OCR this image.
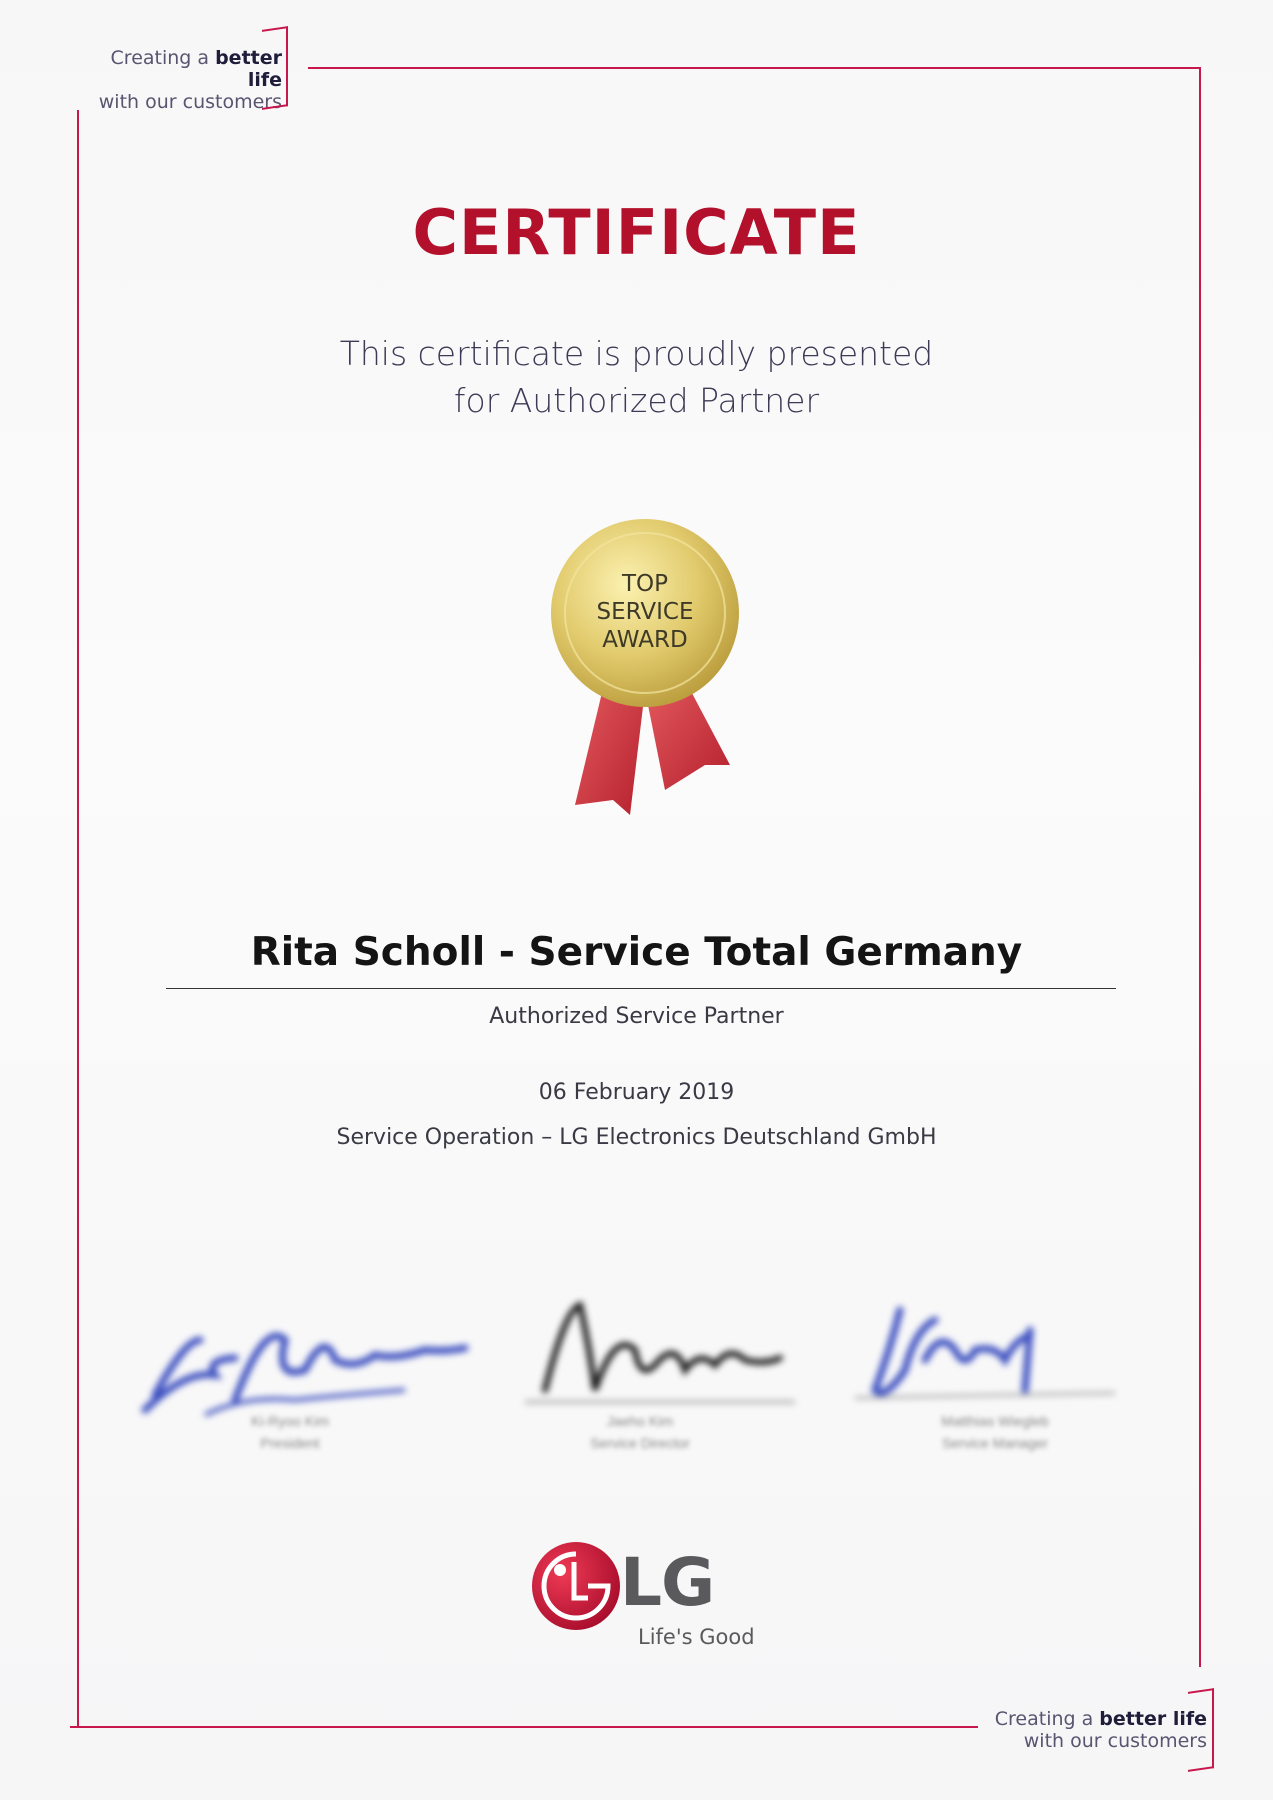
Creating a better life
with our customers
Creating a better life
with our customers
CERTIFICATE
This certificate is proudly presented
for Authorized Partner
TOP
SERVICE
AWARD
Rita Scholl - Service Total Germany
Authorized Service Partner
06 February 2019
Service Operation – LG Electronics Deutschland GmbH
Ki-Ryoo Kim
President
Jaeho Kim
Service Director
Matthias Wiegleb
Service Manager
LG
Life's Good
